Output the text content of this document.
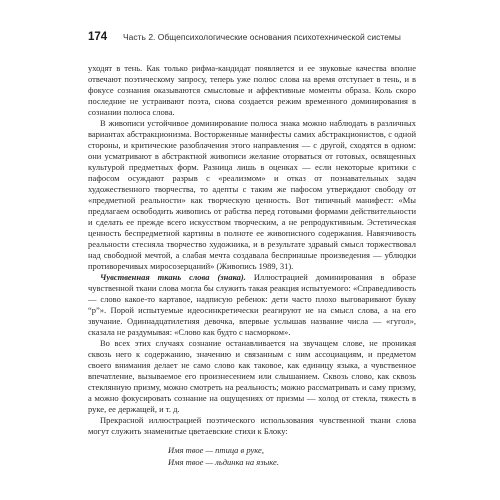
174 Часть 2. Общепсихологические основания психотехнической системы

уходят в тень. Как только рифма-кандидат появляется и ее звуковые качества вполне отвечают поэтическому запросу, теперь уже полюс слова на время отступает в тень, и в фокусе сознания оказываются смысловые и аффективные моменты образа. Коль скоро последние не устраивают поэта, снова создается режим временного доминирования в сознании полюса слова.

В живописи устойчивое доминирование полюса знака можно наблюдать в различных вариантах абстракционизма. Восторженные манифесты самих абстракционистов, с одной стороны, и критические разоблачения этого направления — с другой, сходятся в одном: они усматривают в абстрактной живописи желание оторваться от готовых, освященных культурой предметных форм. Разница лишь в оценках — если некоторые критики с пафосом осуждают разрыв с «реализмом» и отказ от познавательных задач художественного творчества, то адепты с таким же пафосом утверждают свободу от «предметной реальности» как творческую ценность. Вот типичный манифест: «Мы предлагаем освободить живопись от рабства перед готовыми формами действительности и сделать ее прежде всего искусством творческим, а не репродуктивным. Эстетическая ценность беспредметной картины в полноте ее живописного содержания. Навязчивость реальности стесняла творчество художника, и в результате здравый смысл торжествовал над свободной мечтой, а слабая мечта создавала бесприншые произведения — ублюдки противоречивых миросозерцаний» (Живопись 1989, 31).

Чувственная ткань слова (знака). Иллюстрацией доминирования в образе чувственной ткани слова могла бы служить такая реакция испытуемого: «Справедливость — слово какое-то картавое, надписую ребенок: дети часто плохо выговаривают букву “р”». Порой испытуемые идеосинкретически реагируют не на смысл слова, а на его звучание. Одиннадцатилетняя девочка, впервые услышав название числа — «гугол», сказала не раздумывая: «Слово как будто с насморком».

Во всех этих случаях сознание останавливается на звучащем слове, не проникая сквозь него к содержанию, значению и связанным с ним ассоциациям, и предметом своего внимания делает не само слово как таковое, как единицу языка, а чувственное впечатление, вызываемое его произнесением или слышанием. Сквозь слово, как сквозь стеклянную призму, можно смотреть на реальность; можно рассматривать и саму призму, а можно фокусировать сознание на ощущениях от призмы — холод от стекла, тяжесть в руке, ее держащей, и т. д.

Прекрасной иллюстрацией поэтического использования чувственной ткани слова могут служить знаменитые цветаевские стихи к Блоку:

Имя твое — птица в руке,
Имя твое — льдинка на языке.
